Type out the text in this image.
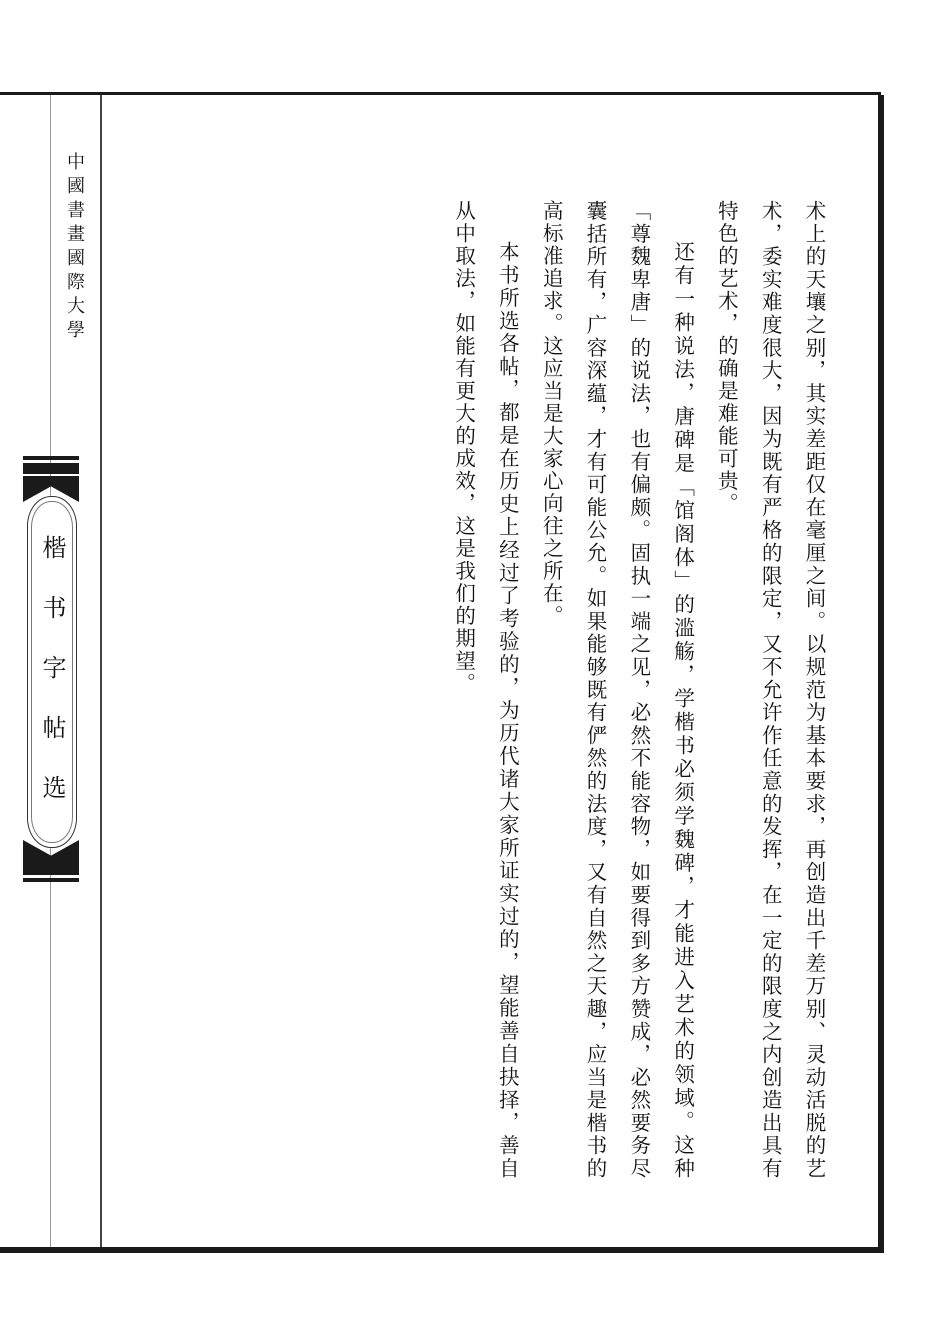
中國書畫國際大學
楷书字帖选	术上的天壤之别，其实差距仅在毫厘之间。以规范为基本要求，再创造出千差万别、灵动活脱的艺术，委实难度很大，因为既有严格的限定，又不允许作任意的发挥，在一定的限度之内创造出具有特色的艺术，的确是难能可贵。

还有一种说法，唐碑是「馆阁体」的滥觞，学楷书必须学魏碑，才能进入艺术的领域。这种「尊魏卑唐」的说法，也有偏颇。固执一端之见，必然不能容物，如要得到多方赞成，必然要务尽囊括所有，广容深蕴，才有可能公允。如果能够既有俨然的法度，又有自然之天趣，应当是楷书的高标准追求。这应当是大家心向往之所在。

本书所选各帖，都是在历史上经过了考验的，为历代诸大家所证实过的，望能善自抉择，善自从中取法，如能有更大的成效，这是我们的期望。
